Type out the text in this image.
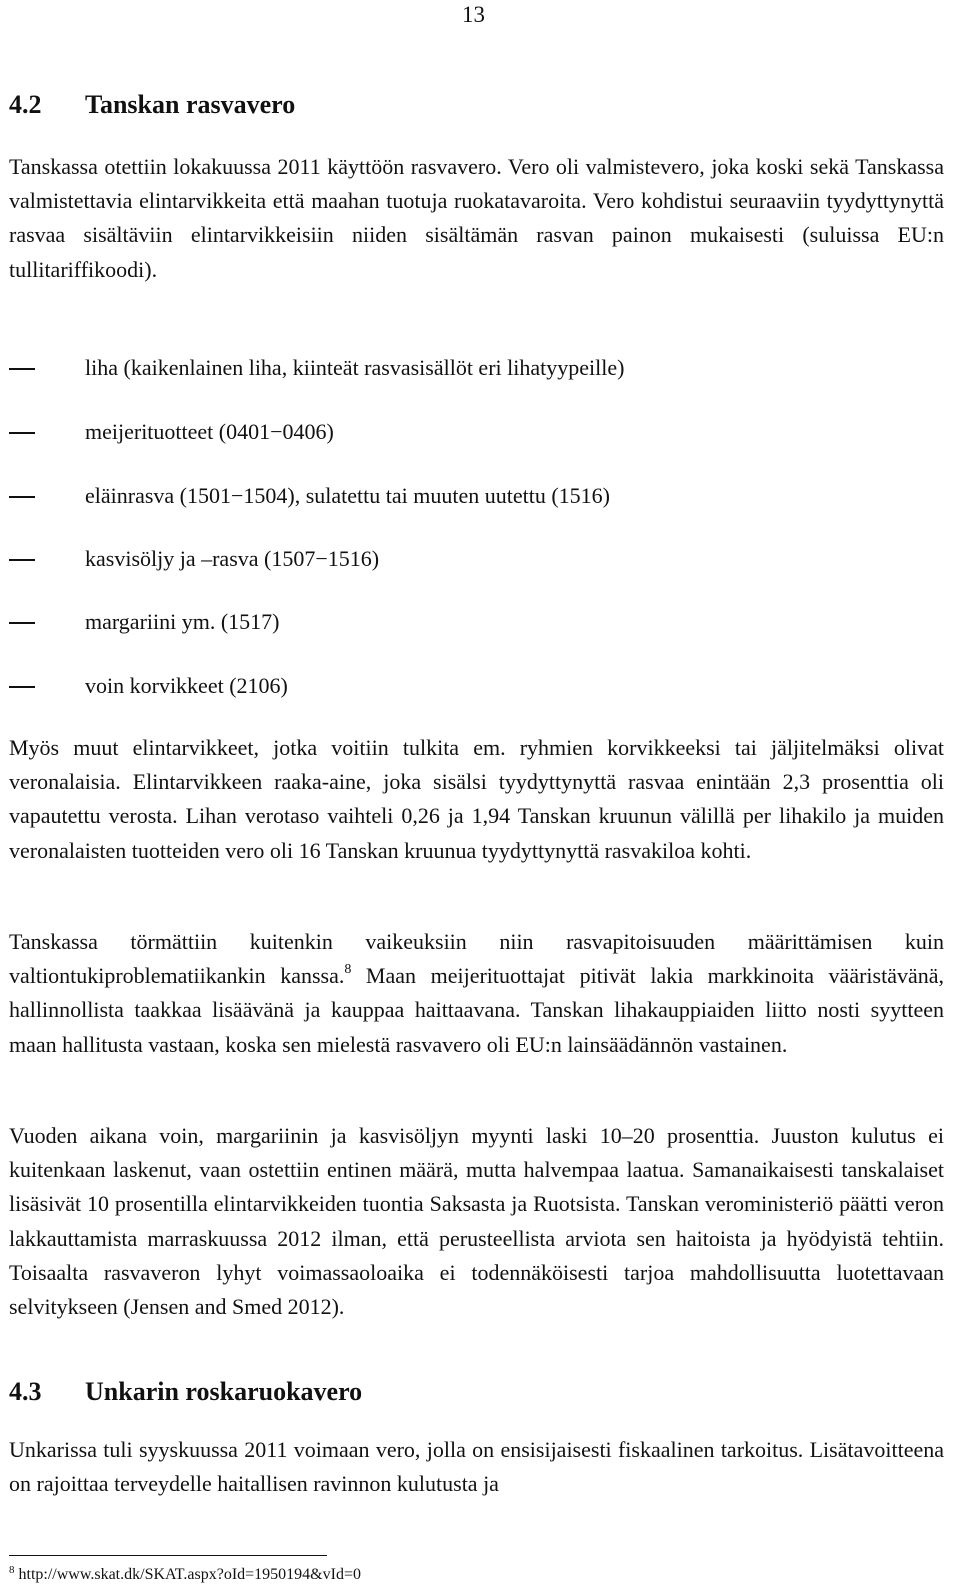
13
4.2 Tanskan rasvavero

Tanskassa otettiin lokakuussa 2011 käyttöön rasvavero. Vero oli valmistevero, joka koski sekä Tanskassa valmistettavia elintarvikkeita että maahan tuotuja ruokatavaroita. Vero kohdistui seuraaviin tyydyttynyttä rasvaa sisältäviin elintarvikkeisiin niiden sisältämän rasvan painon mukaisesti (suluissa EU:n tullitariffikoodi).

liha (kaikenlainen liha, kiinteät rasvasisällöt eri lihatyypeille)
meijerituotteet (0401−0406)
eläinrasva (1501−1504), sulatettu tai muuten uutettu (1516)
kasvisöljy ja –rasva (1507−1516)
margariini ym. (1517)
voin korvikkeet (2106)

Myös muut elintarvikkeet, jotka voitiin tulkita em. ryhmien korvikkeeksi tai jäljitelmäksi olivat veronalaisia. Elintarvikkeen raaka-aine, joka sisälsi tyydyttynyttä rasvaa enintään 2,3 prosenttia oli vapautettu verosta. Lihan verotaso vaihteli 0,26 ja 1,94 Tanskan kruunun välillä per lihakilo ja muiden veronalaisten tuotteiden vero oli 16 Tanskan kruunua tyydyttynyttä rasvakiloa kohti.

Tanskassa törmättiin kuitenkin vaikeuksiin niin rasvapitoisuuden määrittämisen kuin valtiontukiproblematiikankin kanssa.$^8$ Maan meijerituottajat pitivät lakia markkinoita vääristävänä, hallinnollista taakkaa lisäävänä ja kauppaa haittaavana. Tanskan lihakauppiaiden liitto nosti syytteen maan hallitusta vastaan, koska sen mielestä rasvavero oli EU:n lainsäädännön vastainen.

Vuoden aikana voin, margariinin ja kasvisöljyn myynti laski 10–20 prosenttia. Juuston kulutus ei kuitenkaan laskenut, vaan ostettiin entinen määrä, mutta halvempaa laatua. Samanaikaisesti tanskalaiset lisäsivät 10 prosentilla elintarvikkeiden tuontia Saksasta ja Ruotsista. Tanskan veroministeriö päätti veron lakkauttamista marraskuussa 2012 ilman, että perusteellista arviota sen haitoista ja hyödyistä tehtiin. Toisaalta rasvaveron lyhyt voimassaoloaika ei todennäköisesti tarjoa mahdollisuutta luotettavaan selvitykseen (Jensen and Smed 2012).

4.3 Unkarin roskaruokavero

Unkarissa tuli syyskuussa 2011 voimaan vero, jolla on ensisijaisesti fiskaalinen tarkoitus. Lisätavoitteena on rajoittaa terveydelle haitallisen ravinnon kulutusta ja

$^8$ http://www.skat.dk/SKAT.aspx?oId=1950194&vId=0
